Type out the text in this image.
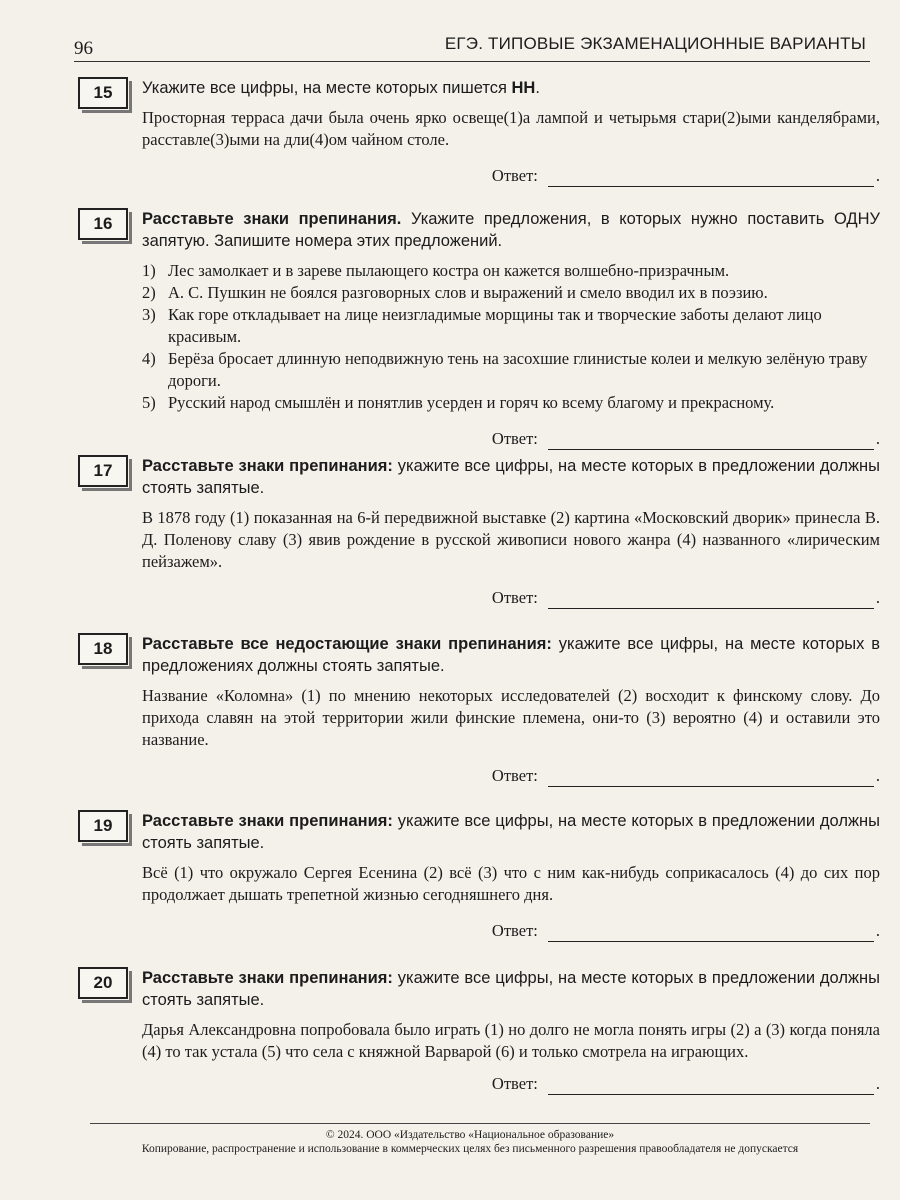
96	ЕГЭ. ТИПОВЫЕ ЭКЗАМЕНАЦИОННЫЕ ВАРИАНТЫ
15	Укажите все цифры, на месте которых пишется НН.
Просторная терраса дачи была очень ярко освеще(1)а лампой и четырьмя стари(2)ыми канделябрами, расставле(3)ыми на дли(4)ом чайном столе.
Ответ:	.
16	Расставьте знаки препинания. Укажите предложения, в которых нужно поставить ОДНУ запятую. Запишите номера этих предложений.
1) Лес замолкает и в зареве пылающего костра он кажется волшебно-призрачным.
2) А. С. Пушкин не боялся разговорных слов и выражений и смело вводил их в поэзию.
3) Как горе откладывает на лице неизгладимые морщины так и творческие заботы делают лицо красивым.
4) Берёза бросает длинную неподвижную тень на засохшие глинистые колеи и мелкую зелёную траву дороги.
5) Русский народ смышлён и понятлив усерден и горяч ко всему благому и прекрасному.
Ответ:	.
17	Расставьте знаки препинания: укажите все цифры, на месте которых в предложении должны стоять запятые.
В 1878 году (1) показанная на 6-й передвижной выставке (2) картина «Московский дворик» принесла В. Д. Поленову славу (3) явив рождение в русской живописи нового жанра (4) названного «лирическим пейзажем».
Ответ:	.
18	Расставьте все недостающие знаки препинания: укажите все цифры, на месте которых в предложениях должны стоять запятые.
Название «Коломна» (1) по мнению некоторых исследователей (2) восходит к финскому слову. До прихода славян на этой территории жили финские племена, они-то (3) вероятно (4) и оставили это название.
Ответ:	.
19	Расставьте знаки препинания: укажите все цифры, на месте которых в предложении должны стоять запятые.
Всё (1) что окружало Сергея Есенина (2) всё (3) что с ним как-нибудь соприкасалось (4) до сих пор продолжает дышать трепетной жизнью сегодняшнего дня.
Ответ:	.
20	Расставьте знаки препинания: укажите все цифры, на месте которых в предложении должны стоять запятые.
Дарья Александровна попробовала было играть (1) но долго не могла понять игры (2) а (3) когда поняла (4) то так устала (5) что села с княжной Варварой (6) и только смотрела на играющих.
Ответ:	.
© 2024. ООО «Издательство «Национальное образование»
Копирование, распространение и использование в коммерческих целях без письменного разрешения правообладателя не допускается
